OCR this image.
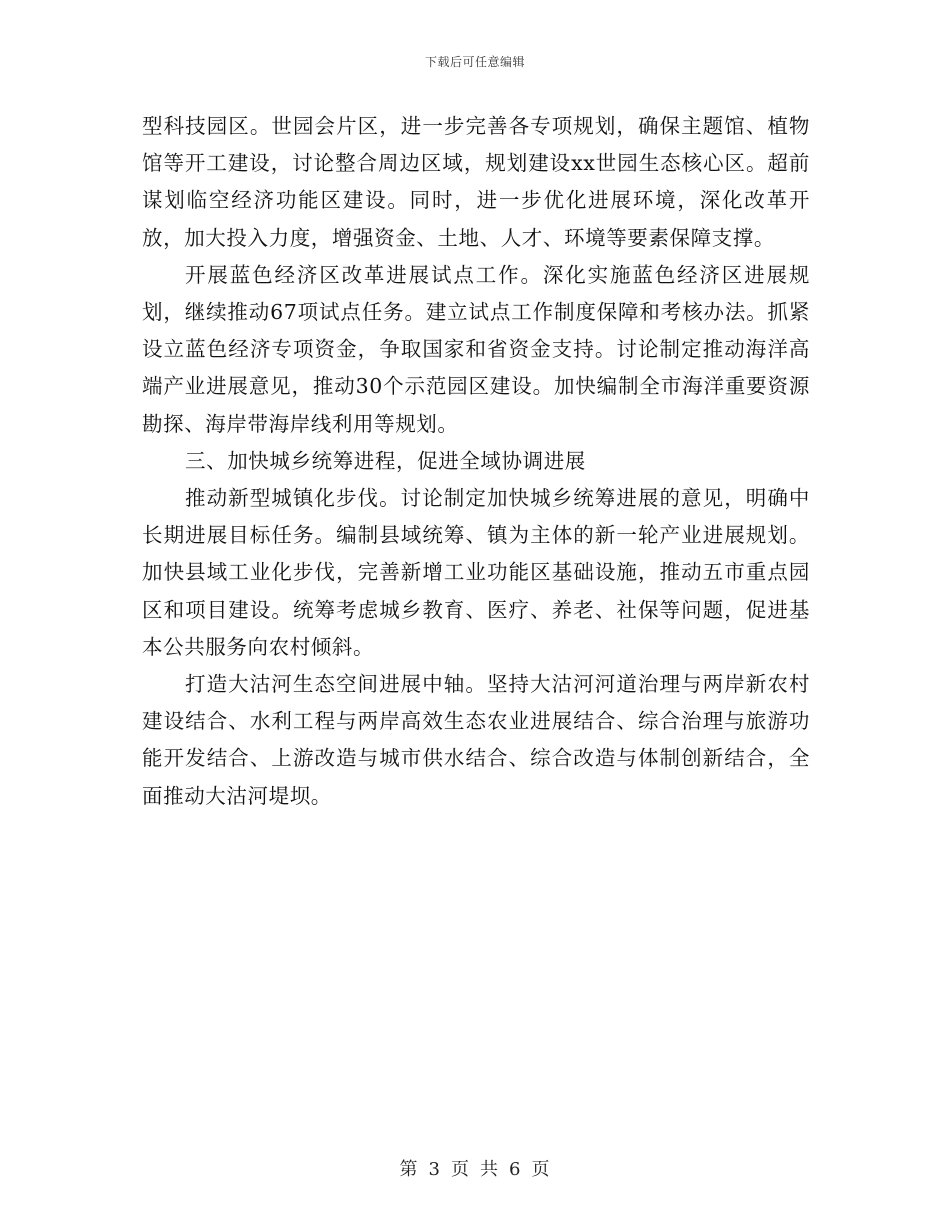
下载后可任意编辑

型科技园区。世园会片区，进一步完善各专项规划，确保主题馆、植物馆等开工建设，讨论整合周边区域，规划建设xx世园生态核心区。超前谋划临空经济功能区建设。同时，进一步优化进展环境，深化改革开放，加大投入力度，增强资金、土地、人才、环境等要素保障支撑。

开展蓝色经济区改革进展试点工作。深化实施蓝色经济区进展规划，继续推动67项试点任务。建立试点工作制度保障和考核办法。抓紧设立蓝色经济专项资金，争取国家和省资金支持。讨论制定推动海洋高端产业进展意见，推动30个示范园区建设。加快编制全市海洋重要资源勘探、海岸带海岸线利用等规划。

三、加快城乡统筹进程，促进全域协调进展

推动新型城镇化步伐。讨论制定加快城乡统筹进展的意见，明确中长期进展目标任务。编制县域统筹、镇为主体的新一轮产业进展规划。加快县域工业化步伐，完善新增工业功能区基础设施，推动五市重点园区和项目建设。统筹考虑城乡教育、医疗、养老、社保等问题，促进基本公共服务向农村倾斜。

打造大沽河生态空间进展中轴。坚持大沽河河道治理与两岸新农村建设结合、水利工程与两岸高效生态农业进展结合、综合治理与旅游功能开发结合、上游改造与城市供水结合、综合改造与体制创新结合，全面推动大沽河堤坝。

第 3 页 共 6 页
